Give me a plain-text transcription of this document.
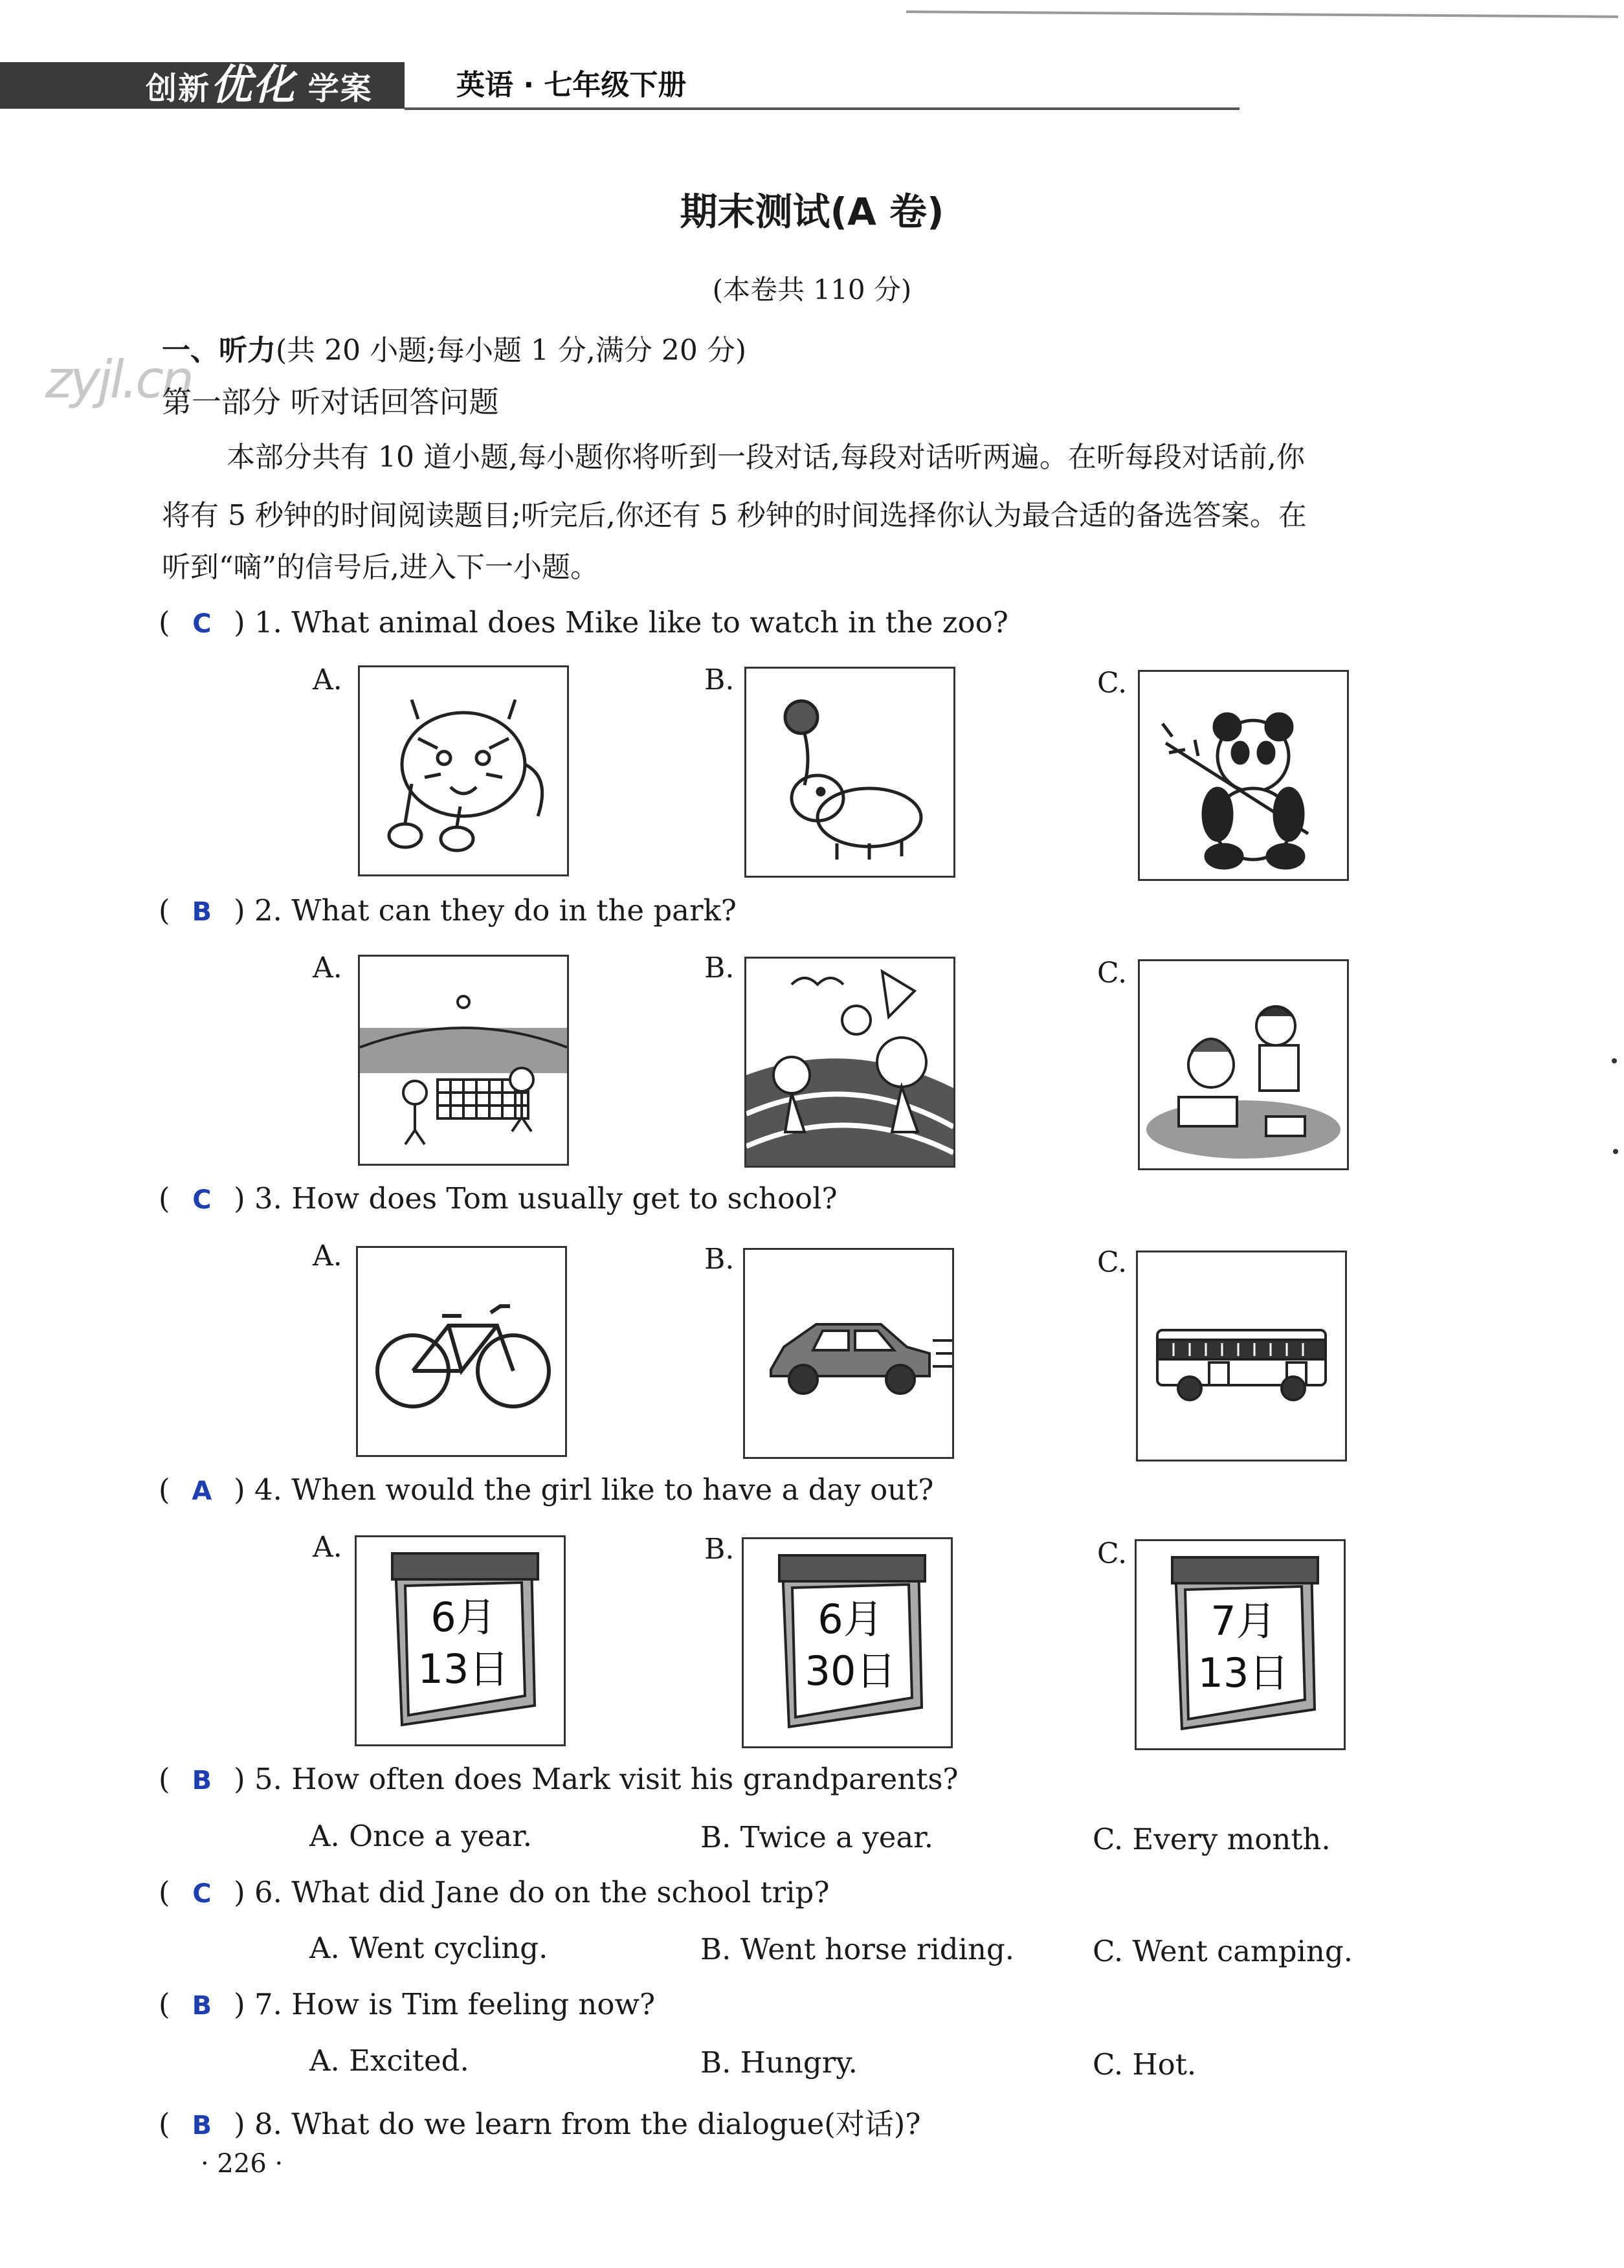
创新优化 学案	英语 · 七年级下册
期末测试(A 卷)
(本卷共 110 分)
zyjl.cn
一、听力(共 20 小题;每小题 1 分,满分 20 分)
第一部分 听对话回答问题
本部分共有 10 道小题,每小题你将听到一段对话,每段对话听两遍。在听每段对话前,你
将有 5 秒钟的时间阅读题目;听完后,你还有 5 秒钟的时间选择你认为最合适的备选答案。在
听到“嘀”的信号后,进入下一小题。
( C ) 1. What animal does Mike like to watch in the zoo?
A.	B.	C.
( B ) 2. What can they do in the park?
A.	B.	C.
( C ) 3. How does Tom usually get to school?
A.	B.	C.
( A ) 4. When would the girl like to have a day out?
A.	B.	C.
6月
13日
6月
30日
7月
13日
( B ) 5. How often does Mark visit his grandparents?
A. Once a year.	B. Twice a year.	C. Every month.
( C ) 6. What did Jane do on the school trip?
A. Went cycling.	B. Went horse riding.	C. Went camping.
( B ) 7. How is Tim feeling now?
A. Excited.	B. Hungry.	C. Hot.
( B ) 8. What do we learn from the dialogue(对话)?
· 226 ·
